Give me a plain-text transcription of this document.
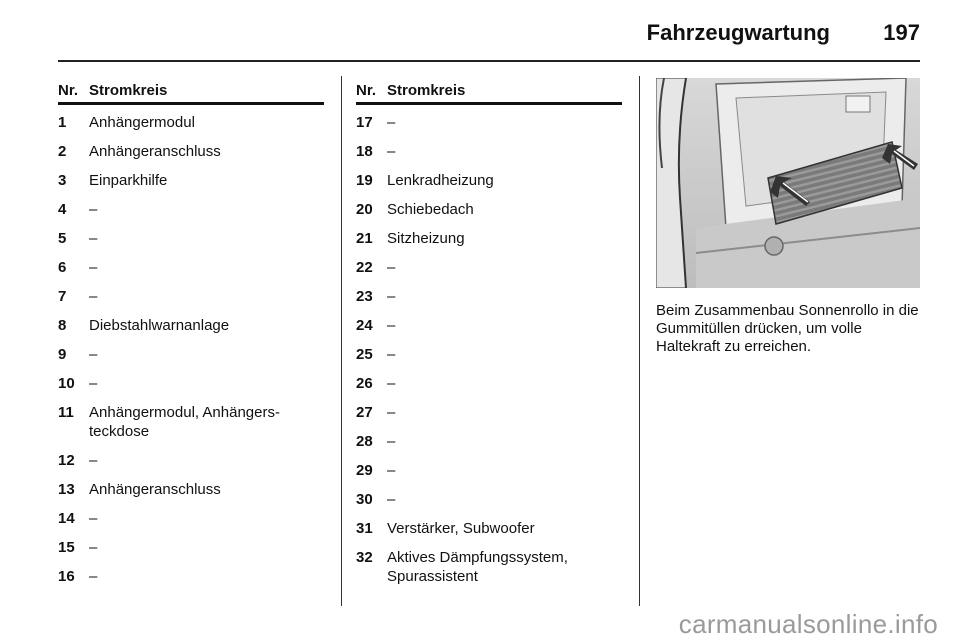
Fahrzeugwartung 197
Nr. Stromkreis
1	Anhängermodul
2	Anhängeranschluss
3	Einparkhilfe
4	–
5	–
6	–
7	–
8	Diebstahlwarnanlage
9	–
10 –
11	Anhängermodul, Anhängers-
teckdose
12 –
13 Anhängeranschluss
14 –
15 –
16 –
Nr. Stromkreis
17 –
18 –
19 Lenkradheizung
20 Schiebedach
21 Sitzheizung
22 –
23 –
24 –
25 –
26 –
27 –
28 –
29 –
30 –
31 Verstärker, Subwoofer
32 Aktives Dämpfungssystem,
Spurassistent
Beim Zusammenbau Sonnenrollo in die Gummitüllen drücken, um volle Haltekraft zu erreichen.
carmanualsonline.info
